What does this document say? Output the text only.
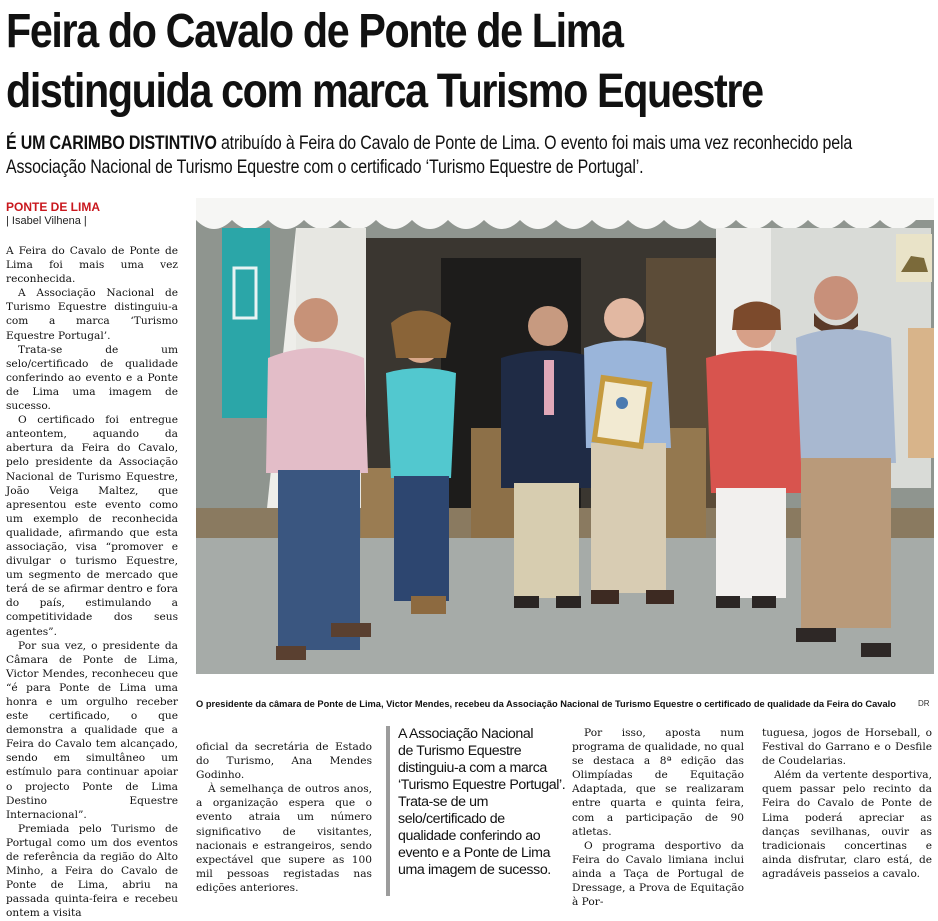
Feira do Cavalo de Ponte de Lima
distinguida com marca Turismo Equestre

É UM CARIMBO DISTINTIVO atribuído à Feira do Cavalo de Ponte de Lima. O evento foi mais uma vez reconhecido pela Associação Nacional de Turismo Equestre com o certificado ‘Turismo Equestre de Portugal’.

PONTE DE LIMA
| Isabel Vilhena |

A Feira do Cavalo de Ponte de Lima foi mais uma vez reconhecida.

A Associação Nacional de Turismo Equestre distinguiu-a com a marca ‘Turismo Equestre Portugal’.

Trata-se de um selo/certificado de qualidade conferindo ao evento e a Ponte de Lima uma imagem de sucesso.

O certificado foi entregue anteontem, aquando da abertura da Feira do Cavalo, pelo presidente da Associação Nacional de Turismo Equestre, João Veiga Maltez, que apresentou este evento como um exemplo de reconhecida qualidade, afirmando que esta associação, visa “promover e divulgar o turismo Equestre, um segmento de mercado que terá de se afirmar dentro e fora do país, estimulando a competitividade dos seus agentes”.

Por sua vez, o presidente da Câmara de Ponte de Lima, Victor Mendes, reconheceu que “é para Ponte de Lima uma honra e um orgulho receber este certificado, o que demonstra a qualidade que a Feira do Cavalo tem alcançado, sendo em simultâneo um estímulo para continuar apoiar o projecto Ponte de Lima Destino Equestre Internacional”.

Premiada pelo Turismo de Portugal como um dos eventos de referência da região do Alto Minho, a Feira do Cavalo de Ponte de Lima, abriu na passada quinta-feira e recebeu ontem a visita

O presidente da câmara de Ponte de Lima, Victor Mendes, recebeu da Associação Nacional de Turismo Equestre o certificado de qualidade da Feira do Cavalo	DR

oficial da secretária de Estado do Turismo, Ana Mendes Godinho.

À semelhança de outros anos, a organização espera que o evento atraia um número significativo de visitantes, nacionais e estrangeiros, sendo expectável que supere as 100 mil pessoas registadas nas edições anteriores.

A Associação Nacional
de Turismo Equestre
distinguiu-a com a marca
‘Turismo Equestre Portugal’.
Trata-se de um
selo/certificado de
qualidade conferindo ao
evento e a Ponte de Lima
uma imagem de sucesso.

Por isso, aposta num programa de qualidade, no qual se destaca a 8ª edição das Olimpíadas de Equitação Adaptada, que se realizaram entre quarta e quinta feira, com a participação de 90 atletas.

O programa desportivo da Feira do Cavalo limiana inclui ainda a Taça de Portugal de Dressage, a Prova de Equitação à Por-

tuguesa, jogos de Horseball, o Festival do Garrano e o Desfile de Coudelarias.

Além da vertente desportiva, quem passar pelo recinto da Feira do Cavalo de Ponte de Lima poderá apreciar as danças sevilhanas, ouvir as tradicionais concertinas e ainda disfrutar, claro está, de agradáveis passeios a cavalo.
